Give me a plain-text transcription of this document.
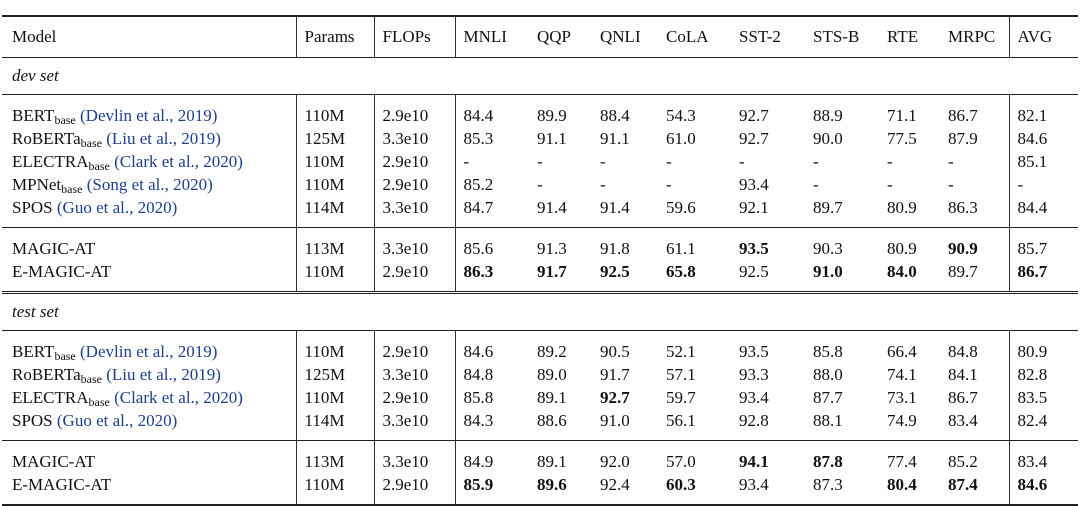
Model	Params	FLOPs	MNLI	QQP	QNLI	CoLA	SST-2	STS-B	RTE	MRPC	AVG
dev set											
$BERT_{base}$ (Devlin et al., 2019)	110M	2.9e10	84.4	89.9	88.4	54.3	92.7	88.9	71.1	86.7	82.1
RoBERTa$_{base}$ (Liu et al., 2019)	125M	3.3e10	85.3	91.1	91.1	61.0	92.7	90.0	77.5	87.9	84.6
$ELECTRA_{base}$ (Clark et al., 2020)	110M	2.9e10	-	-	-	-	-	-	-	-	85.1
MPNet$_{base}$ (Song et al., 2020)	110M	2.9e10	85.2	-	-	-	93.4	-	-	-	-
SPOS (Guo et al., 2020)	114M	3.3e10	84.7	91.4	91.4	59.6	92.1	89.7	80.9	86.3	84.4
MAGIC-AT	113M	3.3e10	85.6	91.3	91.8	61.1	93.5	90.3	80.9	90.9	85.7
E-MAGIC-AT	110M	2.9e10	86.3	91.7	92.5	65.8	92.5	91.0	84.0	89.7	86.7
test set											
$BERT_{base}$ (Devlin et al., 2019)	110M	2.9e10	84.6	89.2	90.5	52.1	93.5	85.8	66.4	84.8	80.9
RoBERTa$_{base}$ (Liu et al., 2019)	125M	3.3e10	84.8	89.0	91.7	57.1	93.3	88.0	74.1	84.1	82.8
$ELECTRA_{base}$ (Clark et al., 2020)	110M	2.9e10	85.8	89.1	92.7	59.7	93.4	87.7	73.1	86.7	83.5
SPOS (Guo et al., 2020)	114M	3.3e10	84.3	88.6	91.0	56.1	92.8	88.1	74.9	83.4	82.4
MAGIC-AT	113M	3.3e10	84.9	89.1	92.0	57.0	94.1	87.8	77.4	85.2	83.4
E-MAGIC-AT	110M	2.9e10	85.9	89.6	92.4	60.3	93.4	87.3	80.4	87.4	84.6
